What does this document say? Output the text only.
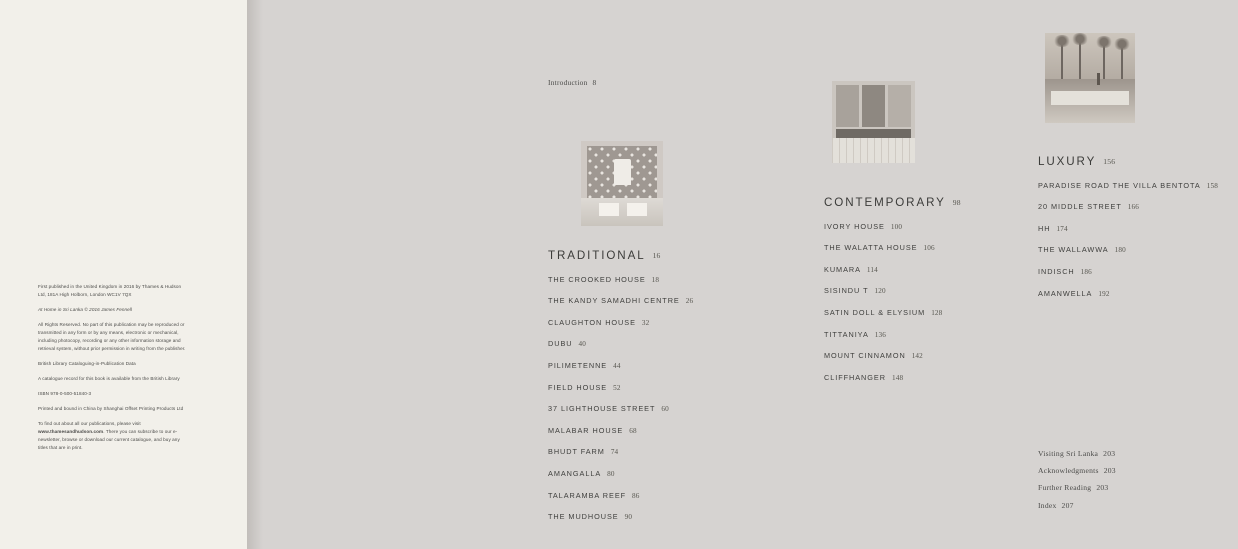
First published in the United Kingdom in 2016 by Thames & Hudson Ltd, 181A High Holborn, London WC1V 7QX

At Home in Sri Lanka © 2016 James Fennell

All Rights Reserved. No part of this publication may be reproduced or transmitted in any form or by any means, electronic or mechanical, including photocopy, recording or any other information storage and retrieval system, without prior permission in writing from the publisher.

British Library Cataloguing-in-Publication Data

A catalogue record for this book is available from the British Library

ISBN 978-0-500-51840-3

Printed and bound in China by Shanghai Offset Printing Products Ltd

To find out about all our publications, please visit www.thamesandhudson.com. There you can subscribe to our e-newsletter, browse or download our current catalogue, and buy any titles that are in print.

Introduction 8
TRADITIONAL 16
THE CROOKED HOUSE 18
THE KANDY SAMADHI CENTRE 26
CLAUGHTON HOUSE 32
DUBU 40
PILIMETENNE 44
FIELD HOUSE 52
37 LIGHTHOUSE STREET 60
MALABAR HOUSE 68
BHUDT FARM 74
AMANGALLA 80
TALARAMBA REEF 86
THE MUDHOUSE 90
CONTEMPORARY 98
IVORY HOUSE 100
THE WALATTA HOUSE 106
KUMARA 114
SISINDU T 120
SATIN DOLL & ELYSIUM 128
TITTANIYA 136
MOUNT CINNAMON 142
CLIFFHANGER 148
LUXURY 156
PARADISE ROAD THE VILLA BENTOTA 158
20 MIDDLE STREET 166
HH 174
THE WALLAWWA 180
INDISCH 186
AMANWELLA 192
Visiting Sri Lanka 203
Acknowledgments 203
Further Reading 203
Index 207
